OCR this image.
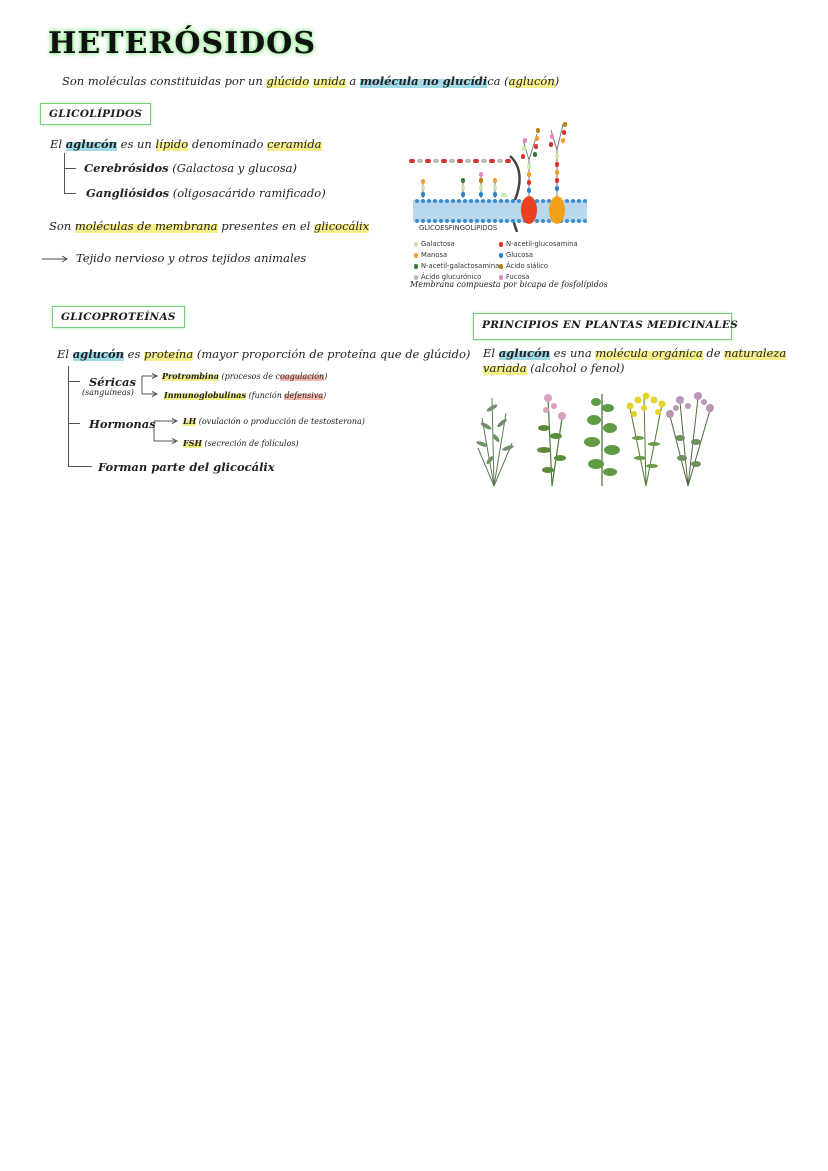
HETERÓSIDOS
Son moléculas constituidas por un glúcido unida a molécula no glucídica (aglucón)
GLICOLÍPIDOS
El aglucón es un lípido denominado ceramida
Cerebrósidos (Galactosa y glucosa)
Gangliósidos (oligosacárido ramificado)
Son moléculas de membrana presentes en el glicocálix
Tejido nervioso y otros tejidos animales
GLICOESFINGOLÍPIDOS
Galactosa	N-acetil-glucosamina
Manosa	Glucosa
N-acetil-galactosamina Ácido siálico
Ácido glucurónico	Fucosa
Membrana compuesta por bicapa de fosfolípidos
GLICOPROTEÍNAS
El aglucón es proteína (mayor proporción de proteína que de glúcido)
Séricas
(sanguíneas)
Protrombina (procesos de coagulación)
Inmunoglobulinas (función defensiva)
Hormonas	LH (ovulación o producción de testosterona)
FSH (secreción de folículos)
Forman parte del glicocálix
PRINCIPIOS EN PLANTAS MEDICINALES
El aglucón es una molécula orgánica de naturaleza
variada (alcohol o fenol)
